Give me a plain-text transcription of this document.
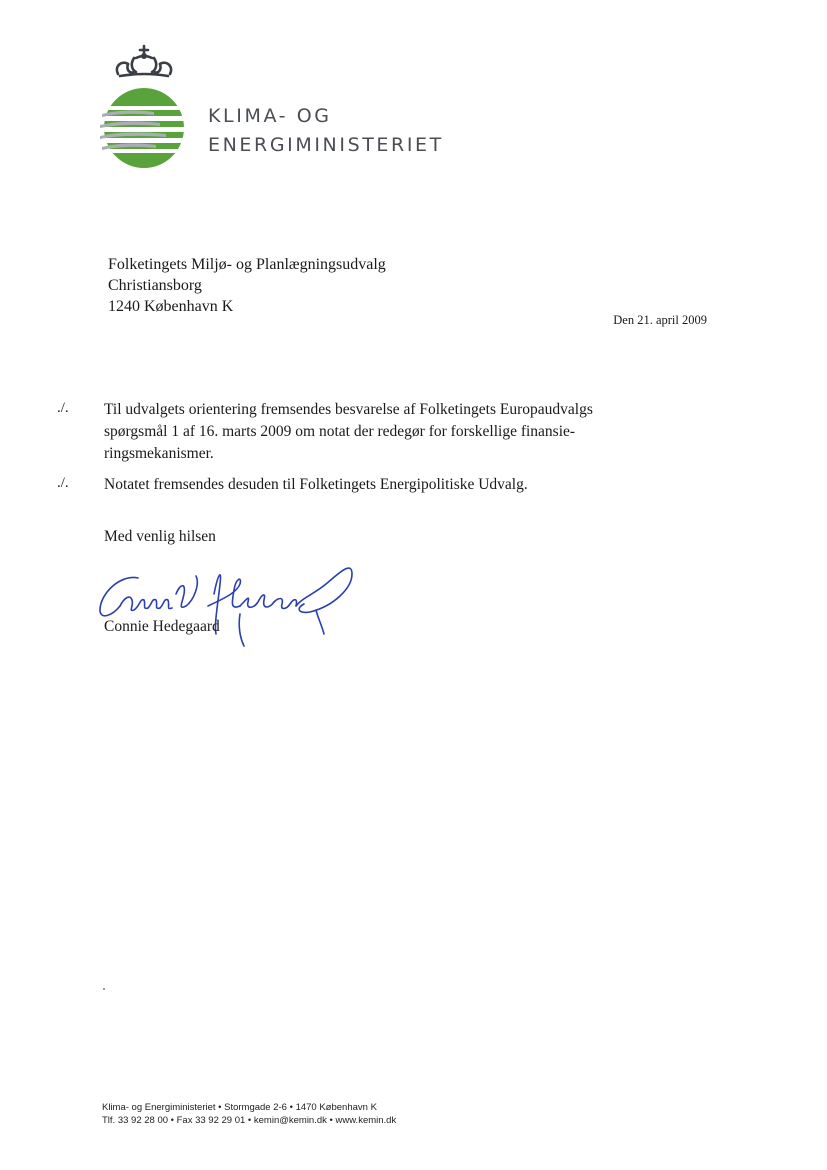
KLIMA- OG
ENERGIMINISTERIET
Folketingets Miljø- og Planlægningsudvalg
Christiansborg
1240 København K
Den 21. april 2009
./. Til udvalgets orientering fremsendes besvarelse af Folketingets Europaudvalgs spørgsmål 1 af 16. marts 2009 om notat der redegør for forskellige finansie-ringsmekanismer.
./. Notatet fremsendes desuden til Folketingets Energipolitiske Udvalg.
Med venlig hilsen
Connie Hedegaard
Klima- og Energiministeriet • Stormgade 2-6 • 1470 København K
Tlf. 33 92 28 00 • Fax 33 92 29 01 • kemin@kemin.dk • www.kemin.dk
